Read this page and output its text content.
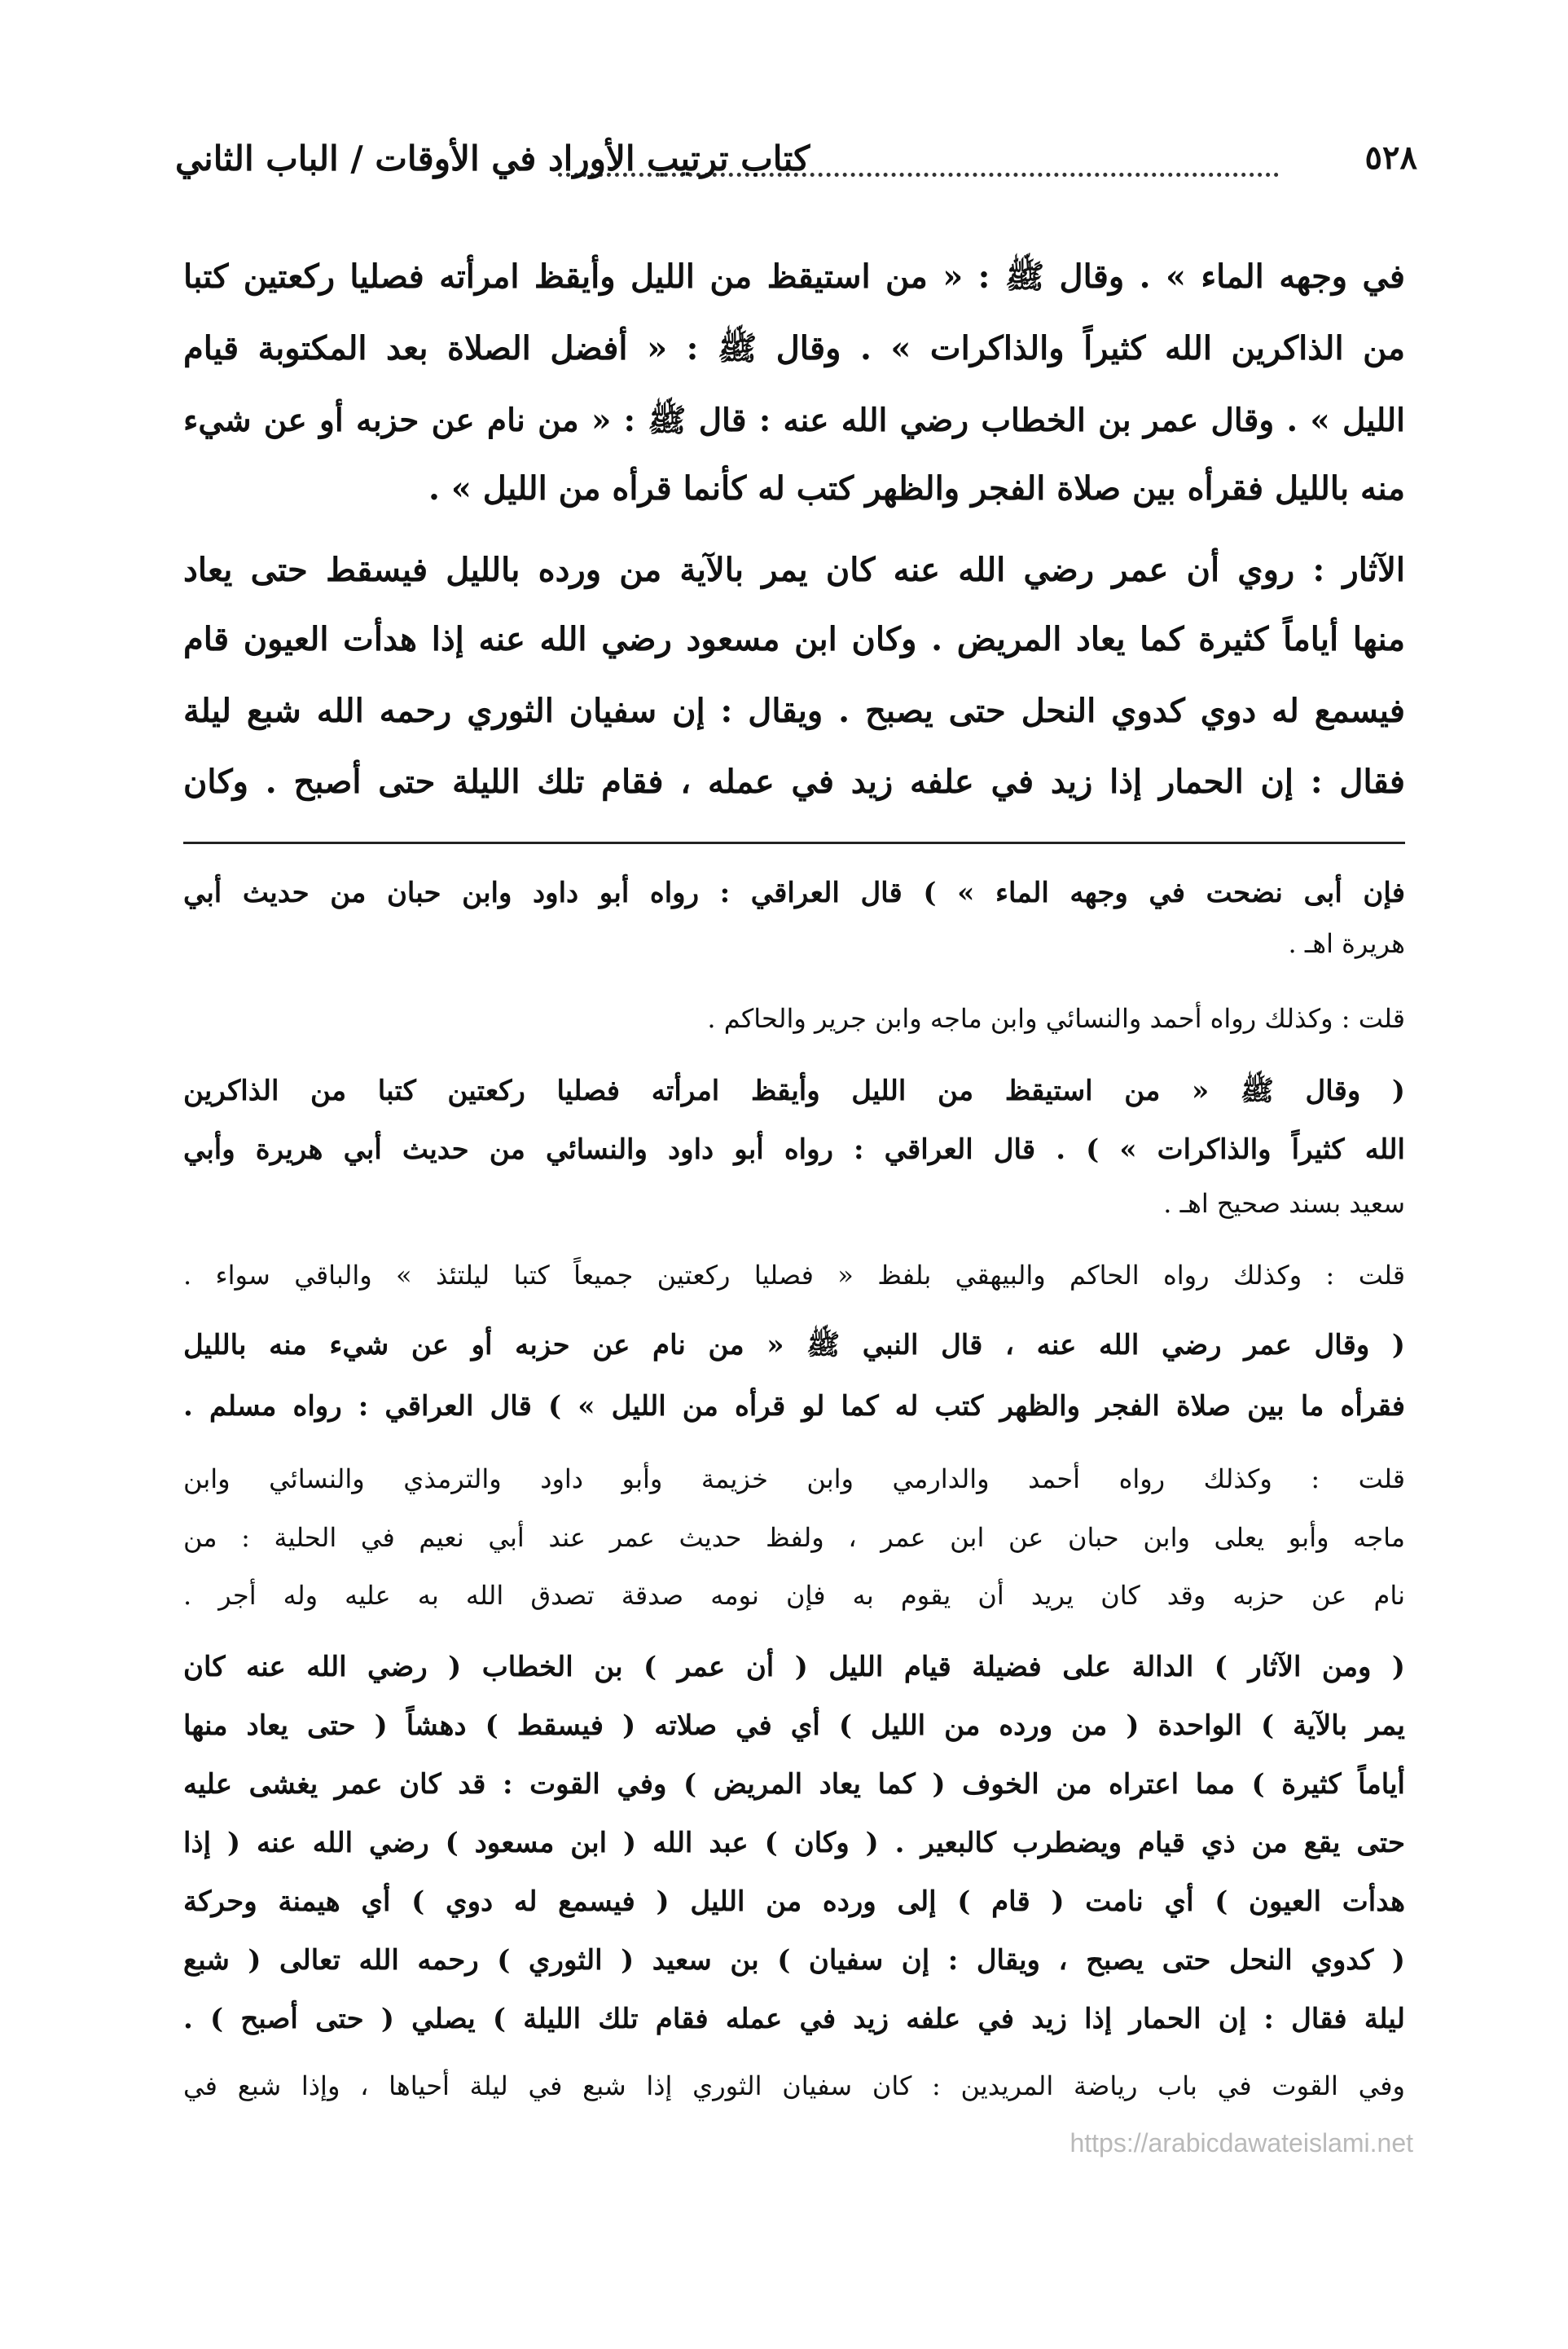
٥٢٨
كتاب ترتيب الأوراد في الأوقات / الباب الثاني
في وجهه الماء » . وقال ﷺ : « من استيقظ من الليل وأيقظ امرأته فصليا ركعتين كتبا
من الذاكرين الله كثيراً والذاكرات » . وقال ﷺ : « أفضل الصلاة بعد المكتوبة قيام
الليل » . وقال عمر بن الخطاب رضي الله عنه : قال ﷺ : « من نام عن حزبه أو عن شيء
منه بالليل فقرأه بين صلاة الفجر والظهر كتب له كأنما قرأه من الليل » .
الآثار : روي أن عمر رضي الله عنه كان يمر بالآية من ورده بالليل فيسقط حتى يعاد
منها أياماً كثيرة كما يعاد المريض . وكان ابن مسعود رضي الله عنه إذا هدأت العيون قام
فيسمع له دوي كدوي النحل حتى يصبح . ويقال : إن سفيان الثوري رحمه الله شبع ليلة
فقال : إن الحمار إذا زيد في علفه زيد في عمله ، فقام تلك الليلة حتى أصبح . وكان
فإن أبى نضحت في وجهه الماء » ) قال العراقي : رواه أبو داود وابن حبان من حديث أبي
هريرة اهـ .
قلت : وكذلك رواه أحمد والنسائي وابن ماجه وابن جرير والحاكم .
( وقال ﷺ « من استيقظ من الليل وأيقظ امرأته فصليا ركعتين كتبا من الذاكرين
الله كثيراً والذاكرات » ) . قال العراقي : رواه أبو داود والنسائي من حديث أبي هريرة وأبي
سعيد بسند صحيح اهـ .
قلت : وكذلك رواه الحاكم والبيهقي بلفظ « فصليا ركعتين جميعاً كتبا ليلتئذ » والباقي سواء .
( وقال عمر رضي الله عنه ، قال النبي ﷺ « من نام عن حزبه أو عن شيء منه بالليل
فقرأه ما بين صلاة الفجر والظهر كتب له كما لو قرأه من الليل » ) قال العراقي : رواه مسلم .
قلت : وكذلك رواه أحمد والدارمي وابن خزيمة وأبو داود والترمذي والنسائي وابن
ماجه وأبو يعلى وابن حبان عن ابن عمر ، ولفظ حديث عمر عند أبي نعيم في الحلية : من
نام عن حزبه وقد كان يريد أن يقوم به فإن نومه صدقة تصدق الله به عليه وله أجر .
( ومن الآثار ) الدالة على فضيلة قيام الليل ( أن عمر ) بن الخطاب ( رضي الله عنه كان
يمر بالآية ) الواحدة ( من ورده من الليل ) أي في صلاته ( فيسقط ) دهشاً ( حتى يعاد منها
أياماً كثيرة ) مما اعتراه من الخوف ( كما يعاد المريض ) وفي القوت : قد كان عمر يغشى عليه
حتى يقع من ذي قيام ويضطرب كالبعير . ( وكان ) عبد الله ( ابن مسعود ) رضي الله عنه ( إذا
هدأت العيون ) أي نامت ( قام ) إلى ورده من الليل ( فيسمع له دوي ) أي هيمنة وحركة
( كدوي النحل حتى يصبح ، ويقال : إن سفيان ) بن سعيد ( الثوري ) رحمه الله تعالى ( شبع
ليلة فقال : إن الحمار إذا زيد في علفه زيد في عمله فقام تلك الليلة ) يصلي ( حتى أصبح ) .
وفي القوت في باب رياضة المريدين : كان سفيان الثوري إذا شبع في ليلة أحياها ، وإذا شبع في
https://arabicdawateislami.net
